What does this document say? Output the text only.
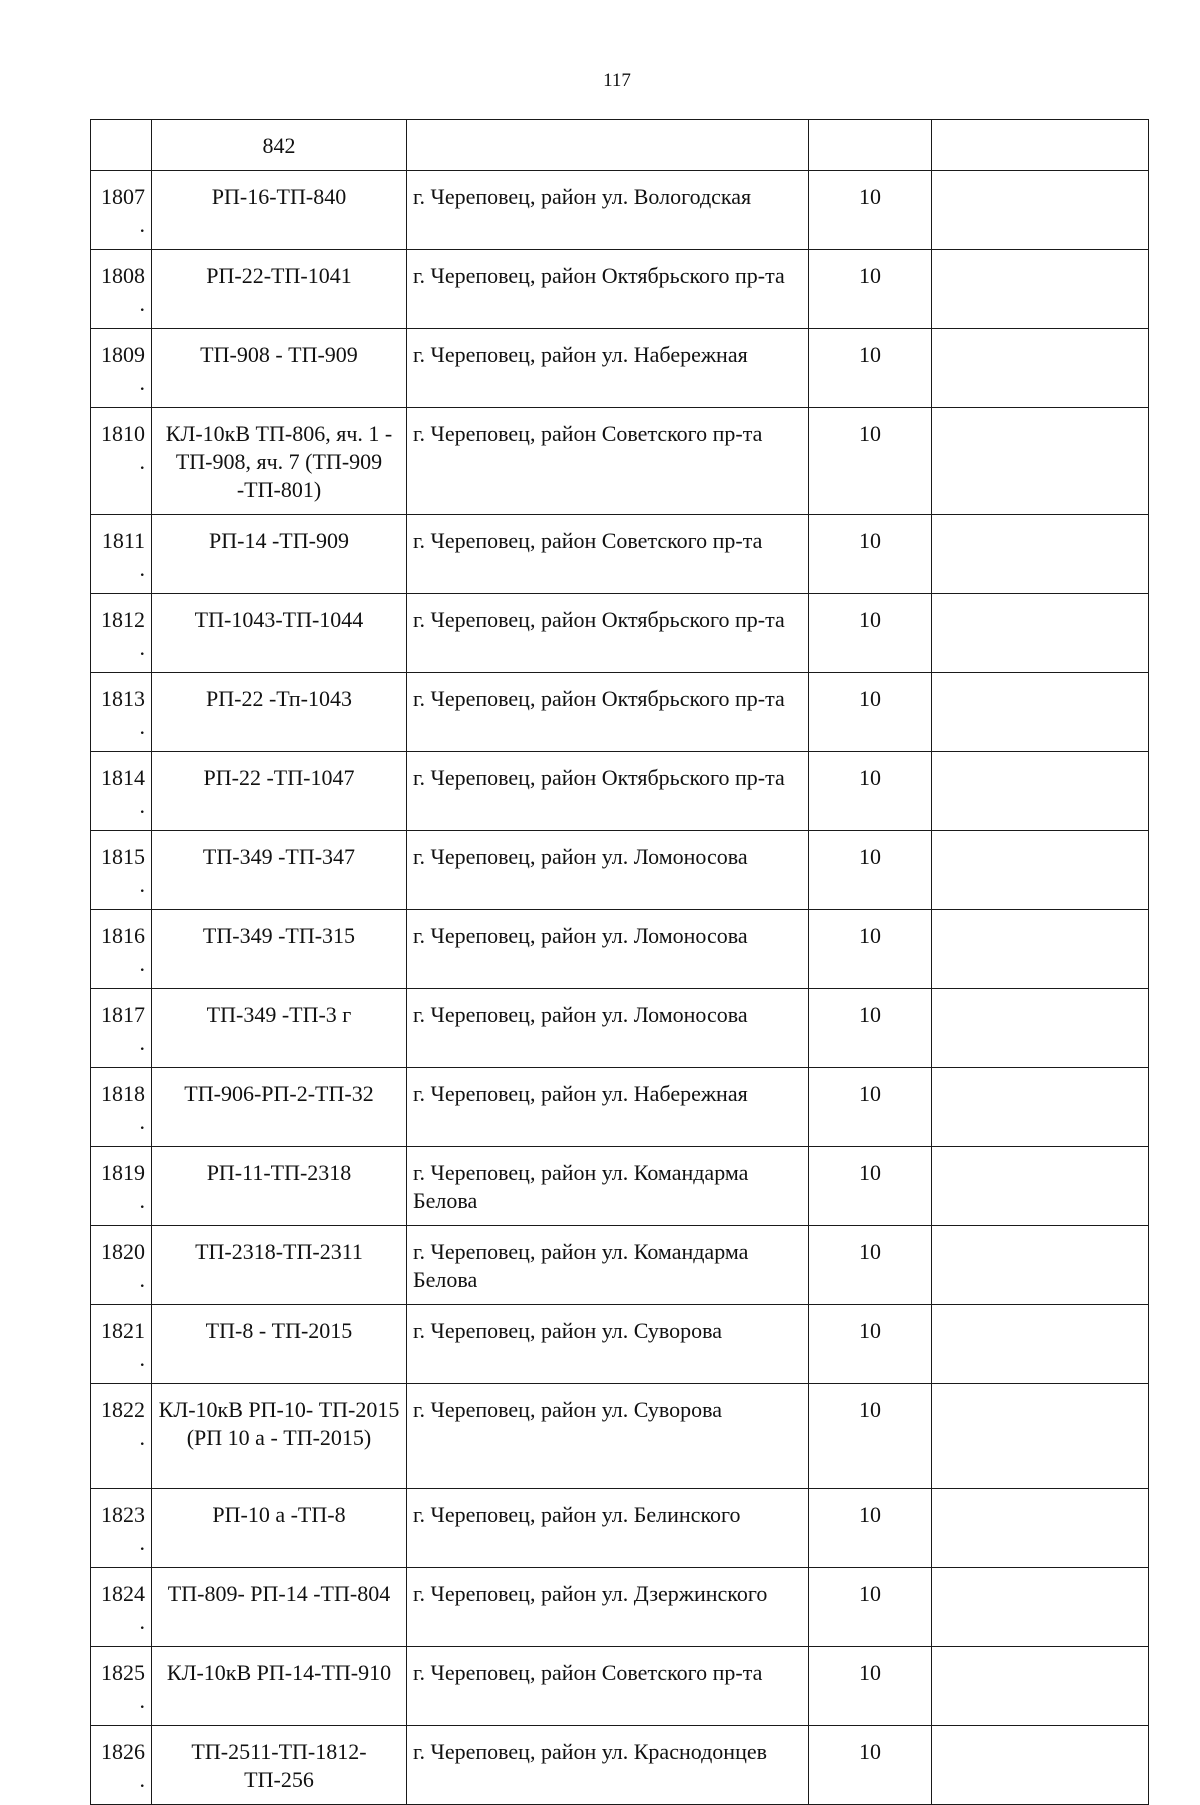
117
	842			
1807.	РП-16-ТП-840	г. Череповец, район ул. Вологодская	10	
1808.	РП-22-ТП-1041	г. Череповец, район Октябрьского пр-та	10	
1809.	ТП-908 - ТП-909	г. Череповец, район ул. Набережная	10	
1810.	КЛ-10кВ ТП-806, яч. 1 - ТП-908, яч. 7 (ТП-909 -ТП-801)	г. Череповец, район Советского пр-та	10	
1811.	РП-14 -ТП-909	г. Череповец, район Советского пр-та	10	
1812.	ТП-1043-ТП-1044	г. Череповец, район Октябрьского пр-та	10	
1813.	РП-22 -Тп-1043	г. Череповец, район Октябрьского пр-та	10	
1814.	РП-22 -ТП-1047	г. Череповец, район Октябрьского пр-та	10	
1815.	ТП-349 -ТП-347	г. Череповец, район ул. Ломоносова	10	
1816.	ТП-349 -ТП-315	г. Череповец, район ул. Ломоносова	10	
1817.	ТП-349 -ТП-3 г	г. Череповец, район ул. Ломоносова	10	
1818.	ТП-906-РП-2-ТП-32	г. Череповец, район ул. Набережная	10	
1819.	РП-11-ТП-2318	г. Череповец, район ул. Командарма Белова	10	
1820.	ТП-2318-ТП-2311	г. Череповец, район ул. Командарма Белова	10	
1821.	ТП-8 - ТП-2015	г. Череповец, район ул. Суворова	10	
1822.	КЛ-10кВ РП-10- ТП-2015 (РП 10 а - ТП-2015)	г. Череповец, район ул. Суворова	10	
1823.	РП-10 а -ТП-8	г. Череповец, район ул. Белинского	10	
1824.	ТП-809- РП-14 -ТП-804	г. Череповец, район ул. Дзержинского	10	
1825.	КЛ-10кВ РП-14-ТП-910	г. Череповец, район Советского пр-та	10	
1826.	ТП-2511-ТП-1812-ТП-256	г. Череповец, район ул. Краснодонцев	10	
